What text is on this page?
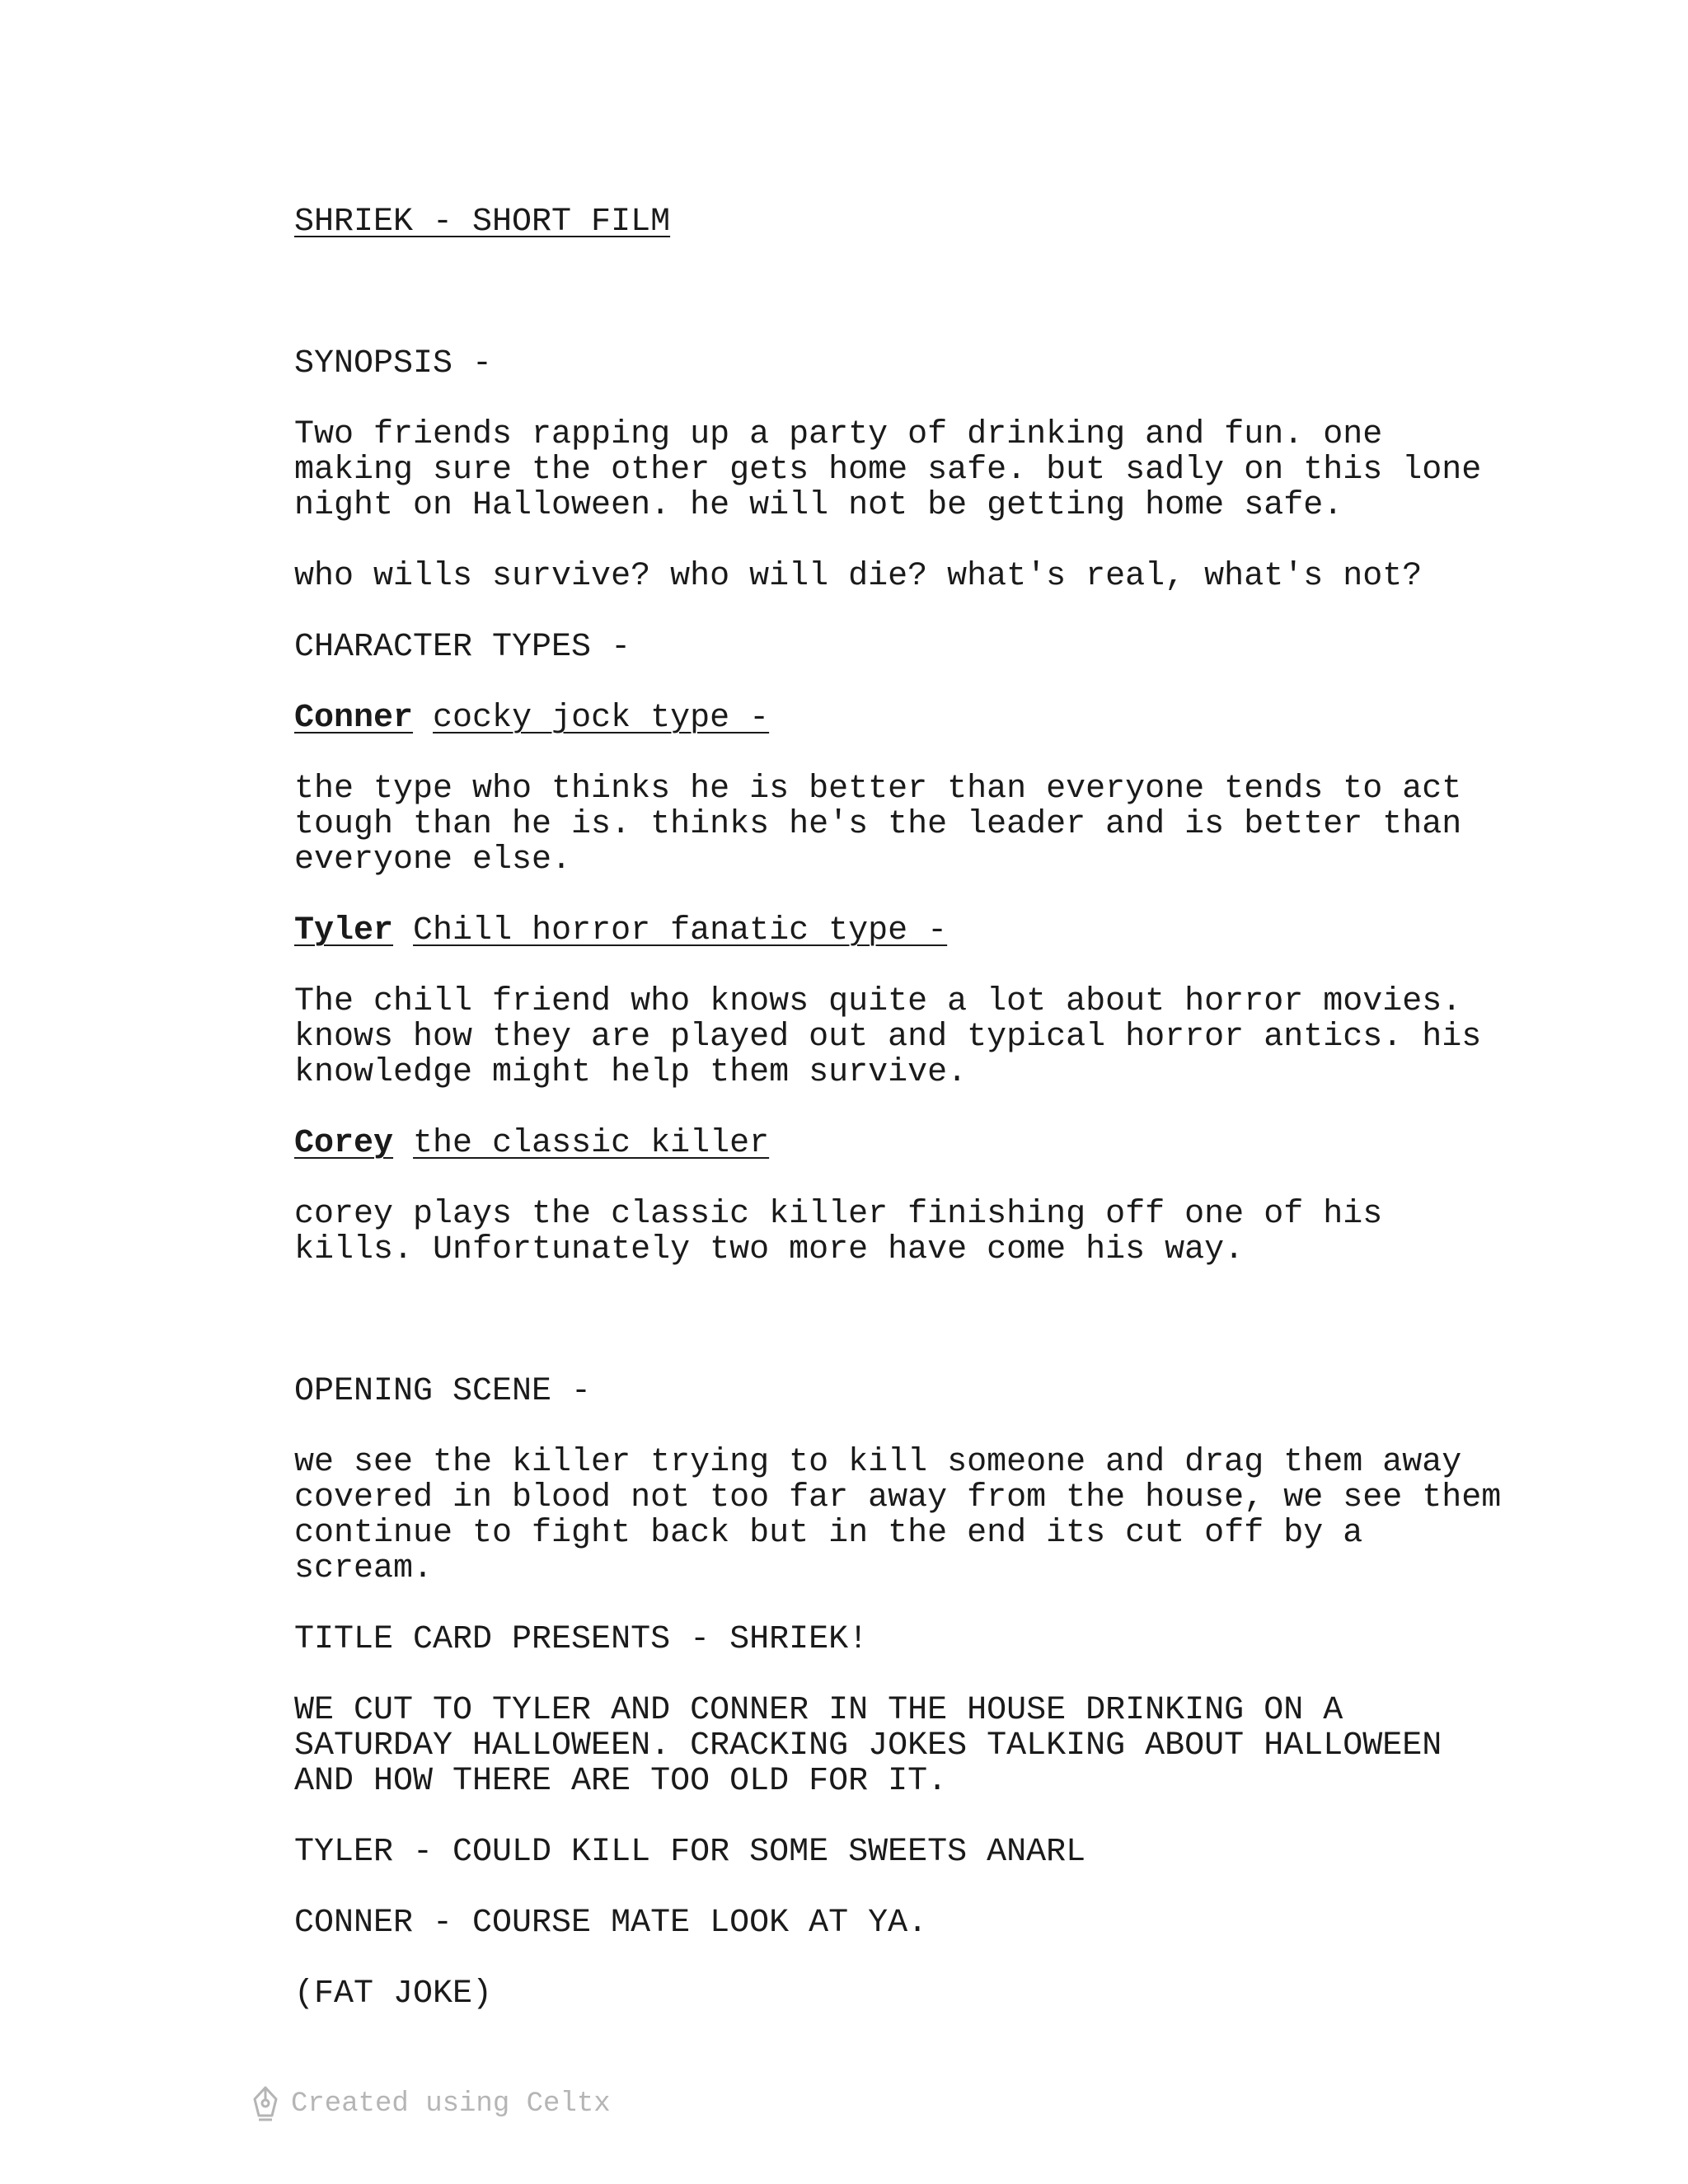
SHRIEK - SHORT FILM

SYNOPSIS -

Two friends rapping up a party of drinking and fun. one

making sure the other gets home safe. but sadly on this lone

night on Halloween. he will not be getting home safe.

who wills survive? who will die? what's real, what's not?

CHARACTER TYPES -

Conner cocky jock type -

the type who thinks he is better than everyone tends to act

tough than he is. thinks he's the leader and is better than

everyone else.

Tyler Chill horror fanatic type -

The chill friend who knows quite a lot about horror movies.

knows how they are played out and typical horror antics. his

knowledge might help them survive.

Corey the classic killer

corey plays the classic killer finishing off one of his

kills. Unfortunately two more have come his way.

OPENING SCENE -

we see the killer trying to kill someone and drag them away

covered in blood not too far away from the house, we see them

continue to fight back but in the end its cut off by a

scream.

TITLE CARD PRESENTS - SHRIEK!

WE CUT TO TYLER AND CONNER IN THE HOUSE DRINKING ON A

SATURDAY HALLOWEEN. CRACKING JOKES TALKING ABOUT HALLOWEEN

AND HOW THERE ARE TOO OLD FOR IT.

TYLER - COULD KILL FOR SOME SWEETS ANARL

CONNER - COURSE MATE LOOK AT YA.

(FAT JOKE)

Created using Celtx
